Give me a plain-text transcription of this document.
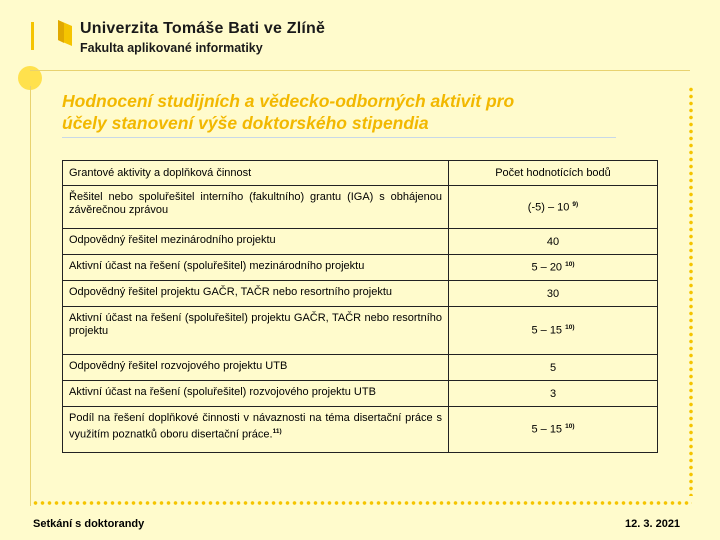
Univerzita Tomáše Bati ve Zlíně
Fakulta aplikované informatiky
Hodnocení studijních a vědecko-odborných aktivit pro
účely stanovení výše doktorského stipendia
Grantové aktivity a doplňková činnost	Počet hodnotících bodů
Řešitel nebo spoluřešitel interního (fakultního) grantu (IGA) s obhájenou závěrečnou zprávou	(-5) – 10 $^{9)}$
Odpovědný řešitel mezinárodního projektu	40
Aktivní účast na řešení (spoluřešitel) mezinárodního projektu	5 – 20 $^{10)}$
Odpovědný řešitel projektu GAČR, TAČR nebo resortního projektu	30
Aktivní účast na řešení (spoluřešitel) projektu GAČR, TAČR nebo resortního projektu	5 – 15 $^{10)}$
Odpovědný řešitel rozvojového projektu UTB	5
Aktivní účast na řešení (spoluřešitel) rozvojového projektu UTB	3
Podíl na řešení doplňkové činnosti v návaznosti na téma disertační práce s využitím poznatků oboru disertační práce.$^{11)}$	5 – 15 $^{10)}$
Setkání s doktorandy	12. 3. 2021
